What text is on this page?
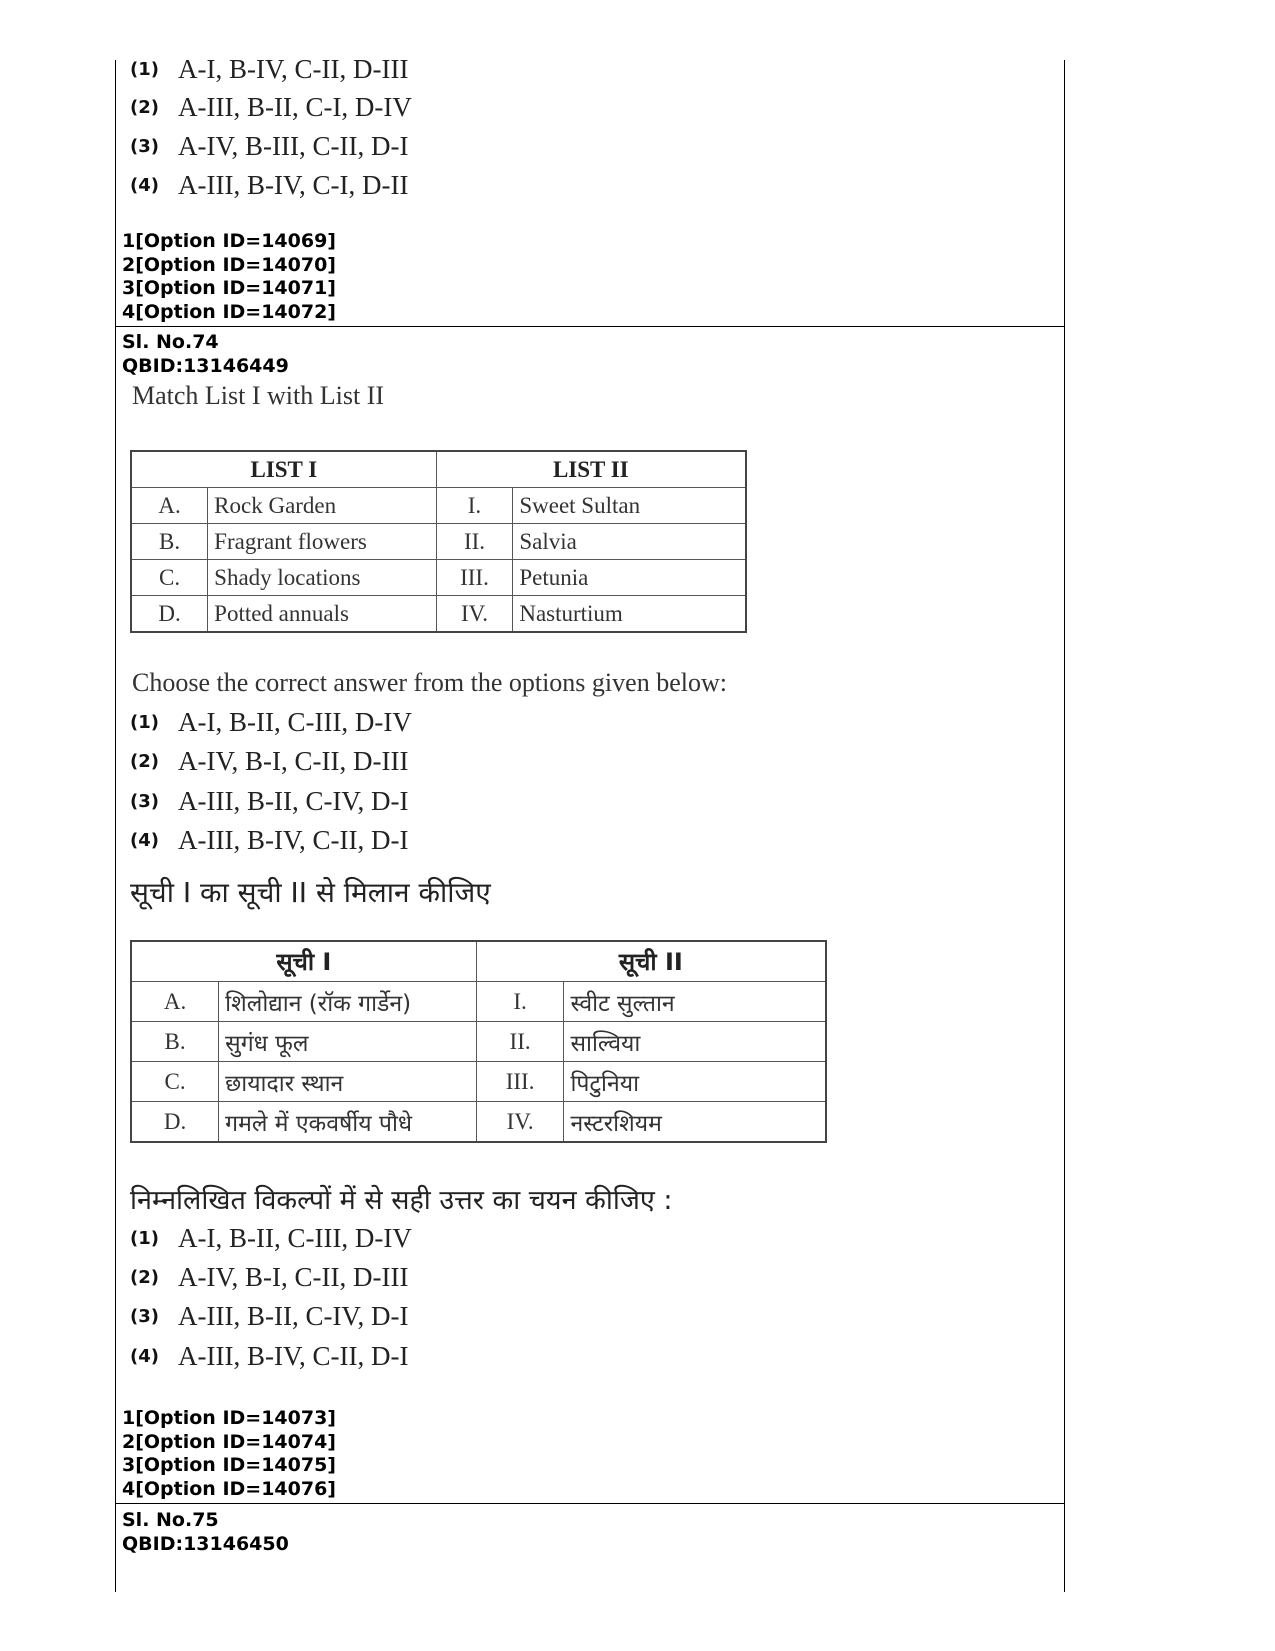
(1) A-I, B-IV, C-II, D-III
(2) A-III, B-II, C-I, D-IV
(3) A-IV, B-III, C-II, D-I
(4) A-III, B-IV, C-I, D-II
1[Option ID=14069]
2[Option ID=14070]
3[Option ID=14071]
4[Option ID=14072]
Sl. No.74
QBID:13146449
Match List I with List II
LIST I		LIST II	
A.	Rock Garden	I.	Sweet Sultan
B.	Fragrant flowers	II.	Salvia
C.	Shady locations	III.	Petunia
D.	Potted annuals	IV.	Nasturtium
Choose the correct answer from the options given below:
(1) A-I, B-II, C-III, D-IV
(2) A-IV, B-I, C-II, D-III
(3) A-III, B-II, C-IV, D-I
(4) A-III, B-IV, C-II, D-I
सूची I का सूची II से मिलान कीजिए
सूची I		सूची II	
A.	शिलोद्यान (रॉक गार्डेन)	I.	स्वीट सुल्तान
B.	सुगंध फूल	II.	साल्विया
C.	छायादार स्थान	III.	पिटुनिया
D.	गमले में एकवर्षीय पौधे	IV.	नस्टरशियम
निम्नलिखित विकल्पों में से सही उत्तर का चयन कीजिए :
(1) A-I, B-II, C-III, D-IV
(2) A-IV, B-I, C-II, D-III
(3) A-III, B-II, C-IV, D-I
(4) A-III, B-IV, C-II, D-I
1[Option ID=14073]
2[Option ID=14074]
3[Option ID=14075]
4[Option ID=14076]
Sl. No.75
QBID:13146450
